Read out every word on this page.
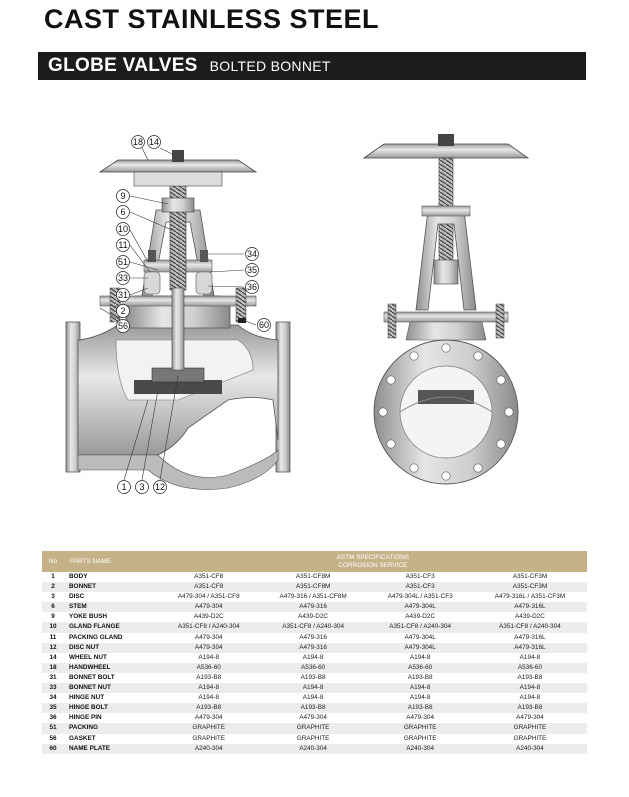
CAST STAINLESS STEEL
GLOBE VALVES BOLTED BONNET
18 14
9
6
10
11
51
33
31
2
56
34
35
36
60
1 3 12
No	PARTS NAME	ASTM SPECIFICATIONS
CORROSION SERVICE			

1	BODY	A351-CF8	A351-CF8M	A351-CF3	A351-CF3M
2	BONNET	A351-CF8	A351-CF8M	A351-CF3	A351-CF3M
3	DISC	A479-304 / A351-CF8	A479-316 / A351-CF8M	A479-304L / A351-CF3	A479-316L / A351-CF3M
6	STEM	A479-304	A479-316	A479-304L	A479-316L
9	YOKE BUSH	A439-D2C	A439-D2C	A439-D2C	A439-D2C
10	GLAND FLANGE	A351-CF8 / A240-304	A351-CF8 / A240-304	A351-CF8 / A240-304	A351-CF8 / A240-304
11	PACKING GLAND	A479-304	A479-316	A479-304L	A479-316L
12	DISC NUT	A479-304	A479-316	A479-304L	A479-316L
14	WHEEL NUT	A194-8	A194-8	A194-8	A194-8
18	HANDWHEEL	A536-60	A536-60	A536-60	A536-60
31	BONNET BOLT	A193-B8	A193-B8	A193-B8	A193-B8
33	BONNET NUT	A194-8	A194-8	A194-8	A194-8
34	HINGE NUT	A194-8	A194-8	A194-8	A194-8
35	HINGE BOLT	A193-B8	A193-B8	A193-B8	A193-B8
36	HINGE PIN	A479-304	A479-304	A479-304	A479-304
51	PACKING	GRAPHITE	GRAPHITE	GRAPHITE	GRAPHITE
56	GASKET	GRAPHITE	GRAPHITE	GRAPHITE	GRAPHITE
60	NAME PLATE	A240-304	A240-304	A240-304	A240-304
